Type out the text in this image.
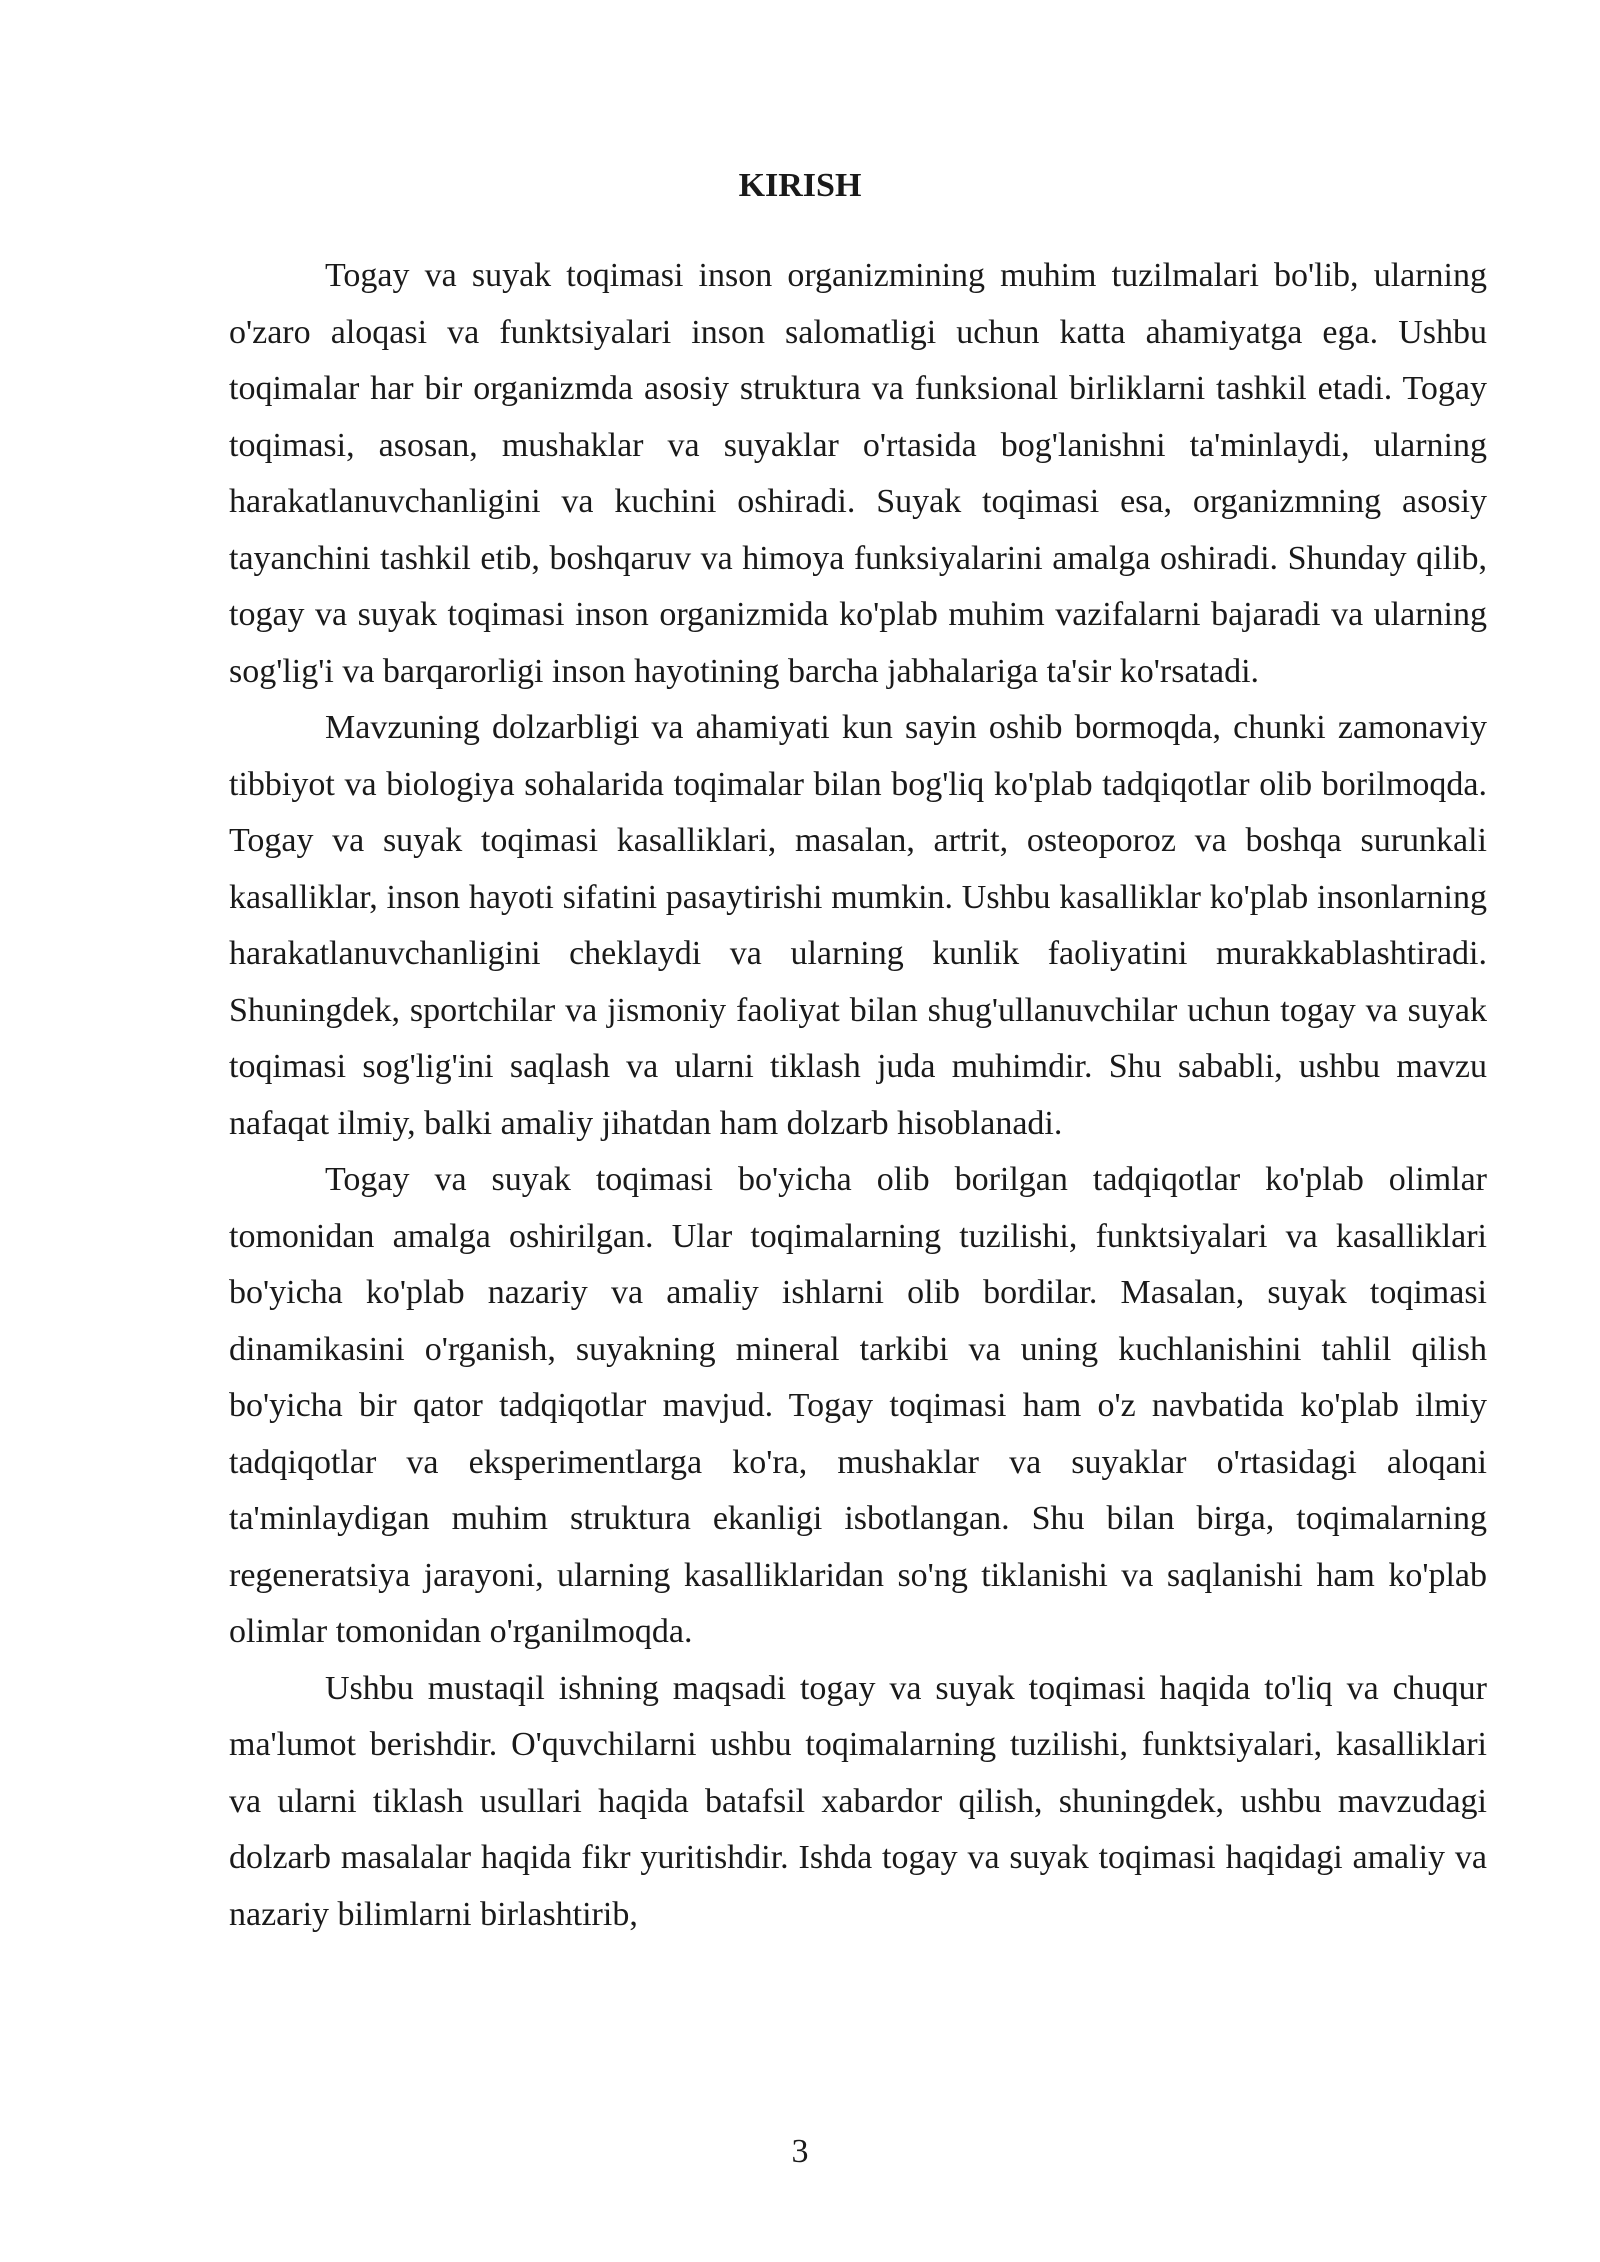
KIRISH

Togay va suyak toqimasi inson organizmining muhim tuzilmalari bo'lib, ularning o'zaro aloqasi va funktsiyalari inson salomatligi uchun katta ahamiyatga ega. Ushbu toqimalar har bir organizmda asosiy struktura va funksional birliklarni tashkil etadi. Togay toqimasi, asosan, mushaklar va suyaklar o'rtasida bog'lanishni ta'minlaydi, ularning harakatlanuvchanligini va kuchini oshiradi. Suyak toqimasi esa, organizmning asosiy tayanchini tashkil etib, boshqaruv va himoya funksiyalarini amalga oshiradi. Shunday qilib, togay va suyak toqimasi inson organizmida ko'plab muhim vazifalarni bajaradi va ularning sog'lig'i va barqarorligi inson hayotining barcha jabhalariga ta'sir ko'rsatadi.

Mavzuning dolzarbligi va ahamiyati kun sayin oshib bormoqda, chunki zamonaviy tibbiyot va biologiya sohalarida toqimalar bilan bog'liq ko'plab tadqiqotlar olib borilmoqda. Togay va suyak toqimasi kasalliklari, masalan, artrit, osteoporoz va boshqa surunkali kasalliklar, inson hayoti sifatini pasaytirishi mumkin. Ushbu kasalliklar ko'plab insonlarning harakatlanuvchanligini cheklaydi va ularning kunlik faoliyatini murakkablashtiradi. Shuningdek, sportchilar va jismoniy faoliyat bilan shug'ullanuvchilar uchun togay va suyak toqimasi sog'lig'ini saqlash va ularni tiklash juda muhimdir. Shu sababli, ushbu mavzu nafaqat ilmiy, balki amaliy jihatdan ham dolzarb hisoblanadi.

Togay va suyak toqimasi bo'yicha olib borilgan tadqiqotlar ko'plab olimlar tomonidan amalga oshirilgan. Ular toqimalarning tuzilishi, funktsiyalari va kasalliklari bo'yicha ko'plab nazariy va amaliy ishlarni olib bordilar. Masalan, suyak toqimasi dinamikasini o'rganish, suyakning mineral tarkibi va uning kuchlanishini tahlil qilish bo'yicha bir qator tadqiqotlar mavjud. Togay toqimasi ham o'z navbatida ko'plab ilmiy tadqiqotlar va eksperimentlarga ko'ra, mushaklar va suyaklar o'rtasidagi aloqani ta'minlaydigan muhim struktura ekanligi isbotlangan. Shu bilan birga, toqimalarning regeneratsiya jarayoni, ularning kasalliklaridan so'ng tiklanishi va saqlanishi ham ko'plab olimlar tomonidan o'rganilmoqda.

Ushbu mustaqil ishning maqsadi togay va suyak toqimasi haqida to'liq va chuqur ma'lumot berishdir. O'quvchilarni ushbu toqimalarning tuzilishi, funktsiyalari, kasalliklari va ularni tiklash usullari haqida batafsil xabardor qilish, shuningdek, ushbu mavzudagi dolzarb masalalar haqida fikr yuritishdir. Ishda togay va suyak toqimasi haqidagi amaliy va nazariy bilimlarni birlashtirib,

3
